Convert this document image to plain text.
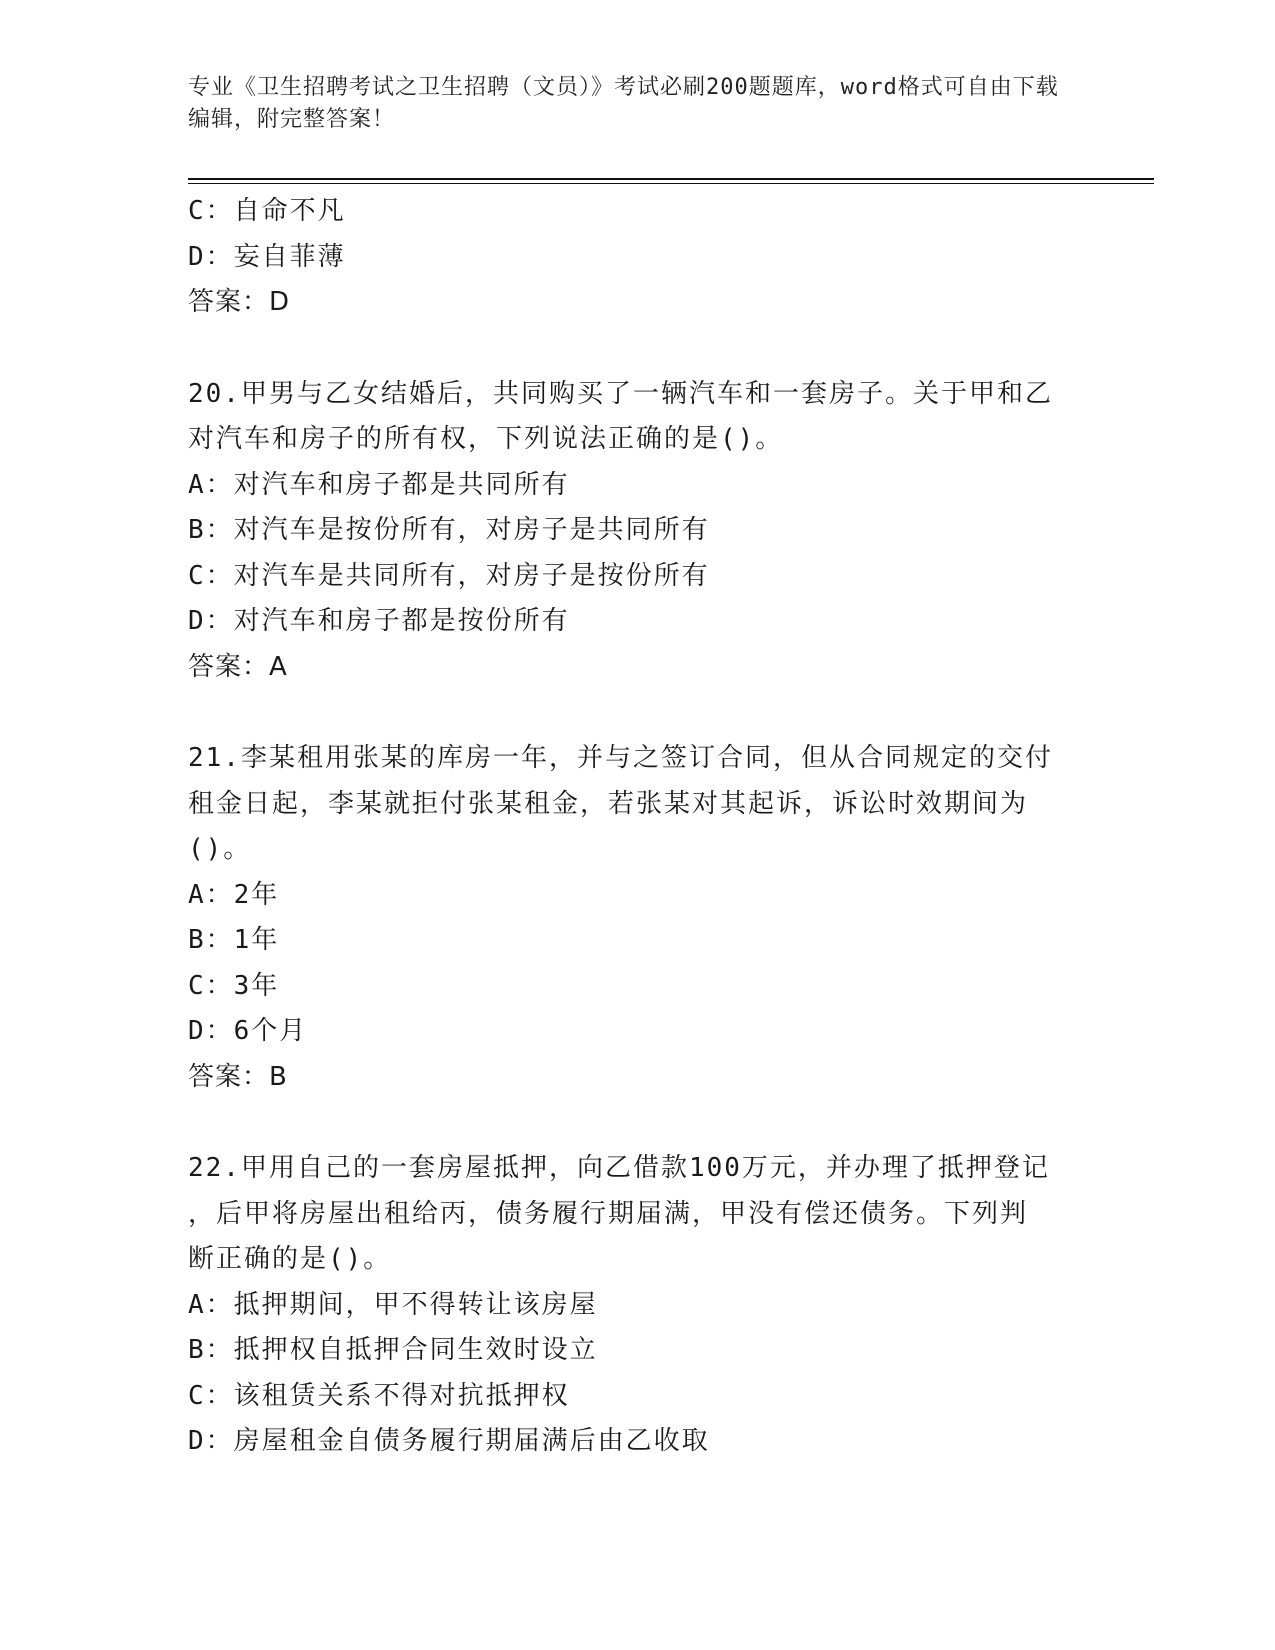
专业《卫生招聘考试之卫生招聘（文员）》考试必刷200题题库，word格式可自由下载编辑，附完整答案！
C：自命不凡
D：妄自菲薄
答案：D
20.甲男与乙女结婚后，共同购买了一辆汽车和一套房子。关于甲和乙
对汽车和房子的所有权，下列说法正确的是()。
A：对汽车和房子都是共同所有
B：对汽车是按份所有，对房子是共同所有
C：对汽车是共同所有，对房子是按份所有
D：对汽车和房子都是按份所有
答案：A
21.李某租用张某的库房一年，并与之签订合同，但从合同规定的交付
租金日起，李某就拒付张某租金，若张某对其起诉，诉讼时效期间为
()。
A：2年
B：1年
C：3年
D：6个月
答案：B
22.甲用自己的一套房屋抵押，向乙借款100万元，并办理了抵押登记
，后甲将房屋出租给丙，债务履行期届满，甲没有偿还债务。下列判
断正确的是()。
A：抵押期间，甲不得转让该房屋
B：抵押权自抵押合同生效时设立
C：该租赁关系不得对抗抵押权
D：房屋租金自债务履行期届满后由乙收取
